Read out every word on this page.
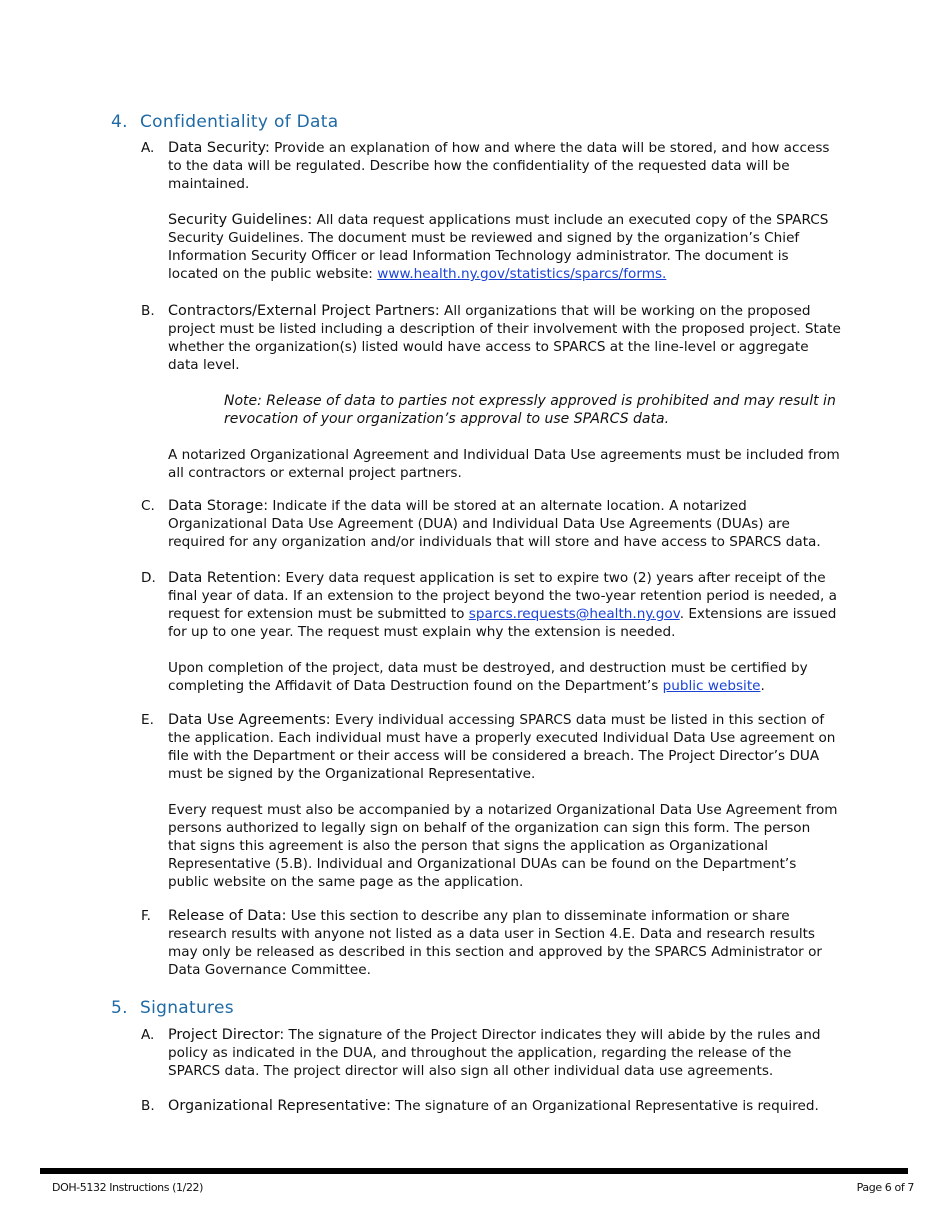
4. Confidentiality of Data
A. Data Security: Provide an explanation of how and where the data will be stored, and how access to the data will be regulated. Describe how the confidentiality of the requested data will be maintained.

Security Guidelines: All data request applications must include an executed copy of the SPARCS Security Guidelines. The document must be reviewed and signed by the organization’s Chief Information Security Officer or lead Information Technology administrator. The document is located on the public website: www.health.ny.gov/statistics/sparcs/forms.

B. Contractors/External Project Partners: All organizations that will be working on the proposed project must be listed including a description of their involvement with the proposed project. State whether the organization(s) listed would have access to SPARCS at the line-level or aggregate data level.

Note: Release of data to parties not expressly approved is prohibited and may result in revocation of your organization’s approval to use SPARCS data.

A notarized Organizational Agreement and Individual Data Use agreements must be included from all contractors or external project partners.

C. Data Storage: Indicate if the data will be stored at an alternate location. A notarized Organizational Data Use Agreement (DUA) and Individual Data Use Agreements (DUAs) are required for any organization and/or individuals that will store and have access to SPARCS data.

D. Data Retention: Every data request application is set to expire two (2) years after receipt of the final year of data. If an extension to the project beyond the two-year retention period is needed, a request for extension must be submitted to sparcs.requests@health.ny.gov. Extensions are issued for up to one year. The request must explain why the extension is needed.

Upon completion of the project, data must be destroyed, and destruction must be certified by completing the Affidavit of Data Destruction found on the Department’s public website.

E. Data Use Agreements: Every individual accessing SPARCS data must be listed in this section of the application. Each individual must have a properly executed Individual Data Use agreement on file with the Department or their access will be considered a breach. The Project Director’s DUA must be signed by the Organizational Representative.

Every request must also be accompanied by a notarized Organizational Data Use Agreement from persons authorized to legally sign on behalf of the organization can sign this form. The person that signs this agreement is also the person that signs the application as Organizational Representative (5.B). Individual and Organizational DUAs can be found on the Department’s public website on the same page as the application.

F.	Release of Data: Use this section to describe any plan to disseminate information or share research results with anyone not listed as a data user in Section 4.E. Data and research results may only be released as described in this section and approved by the SPARCS Administrator or Data Governance Committee.

5. Signatures
A. Project Director: The signature of the Project Director indicates they will abide by the rules and policy as indicated in the DUA, and throughout the application, regarding the release of the SPARCS data. The project director will also sign all other individual data use agreements.

B. Organizational Representative: The signature of an Organizational Representative is required.

DOH-5132 Instructions (1/22)	Page 6 of 7
